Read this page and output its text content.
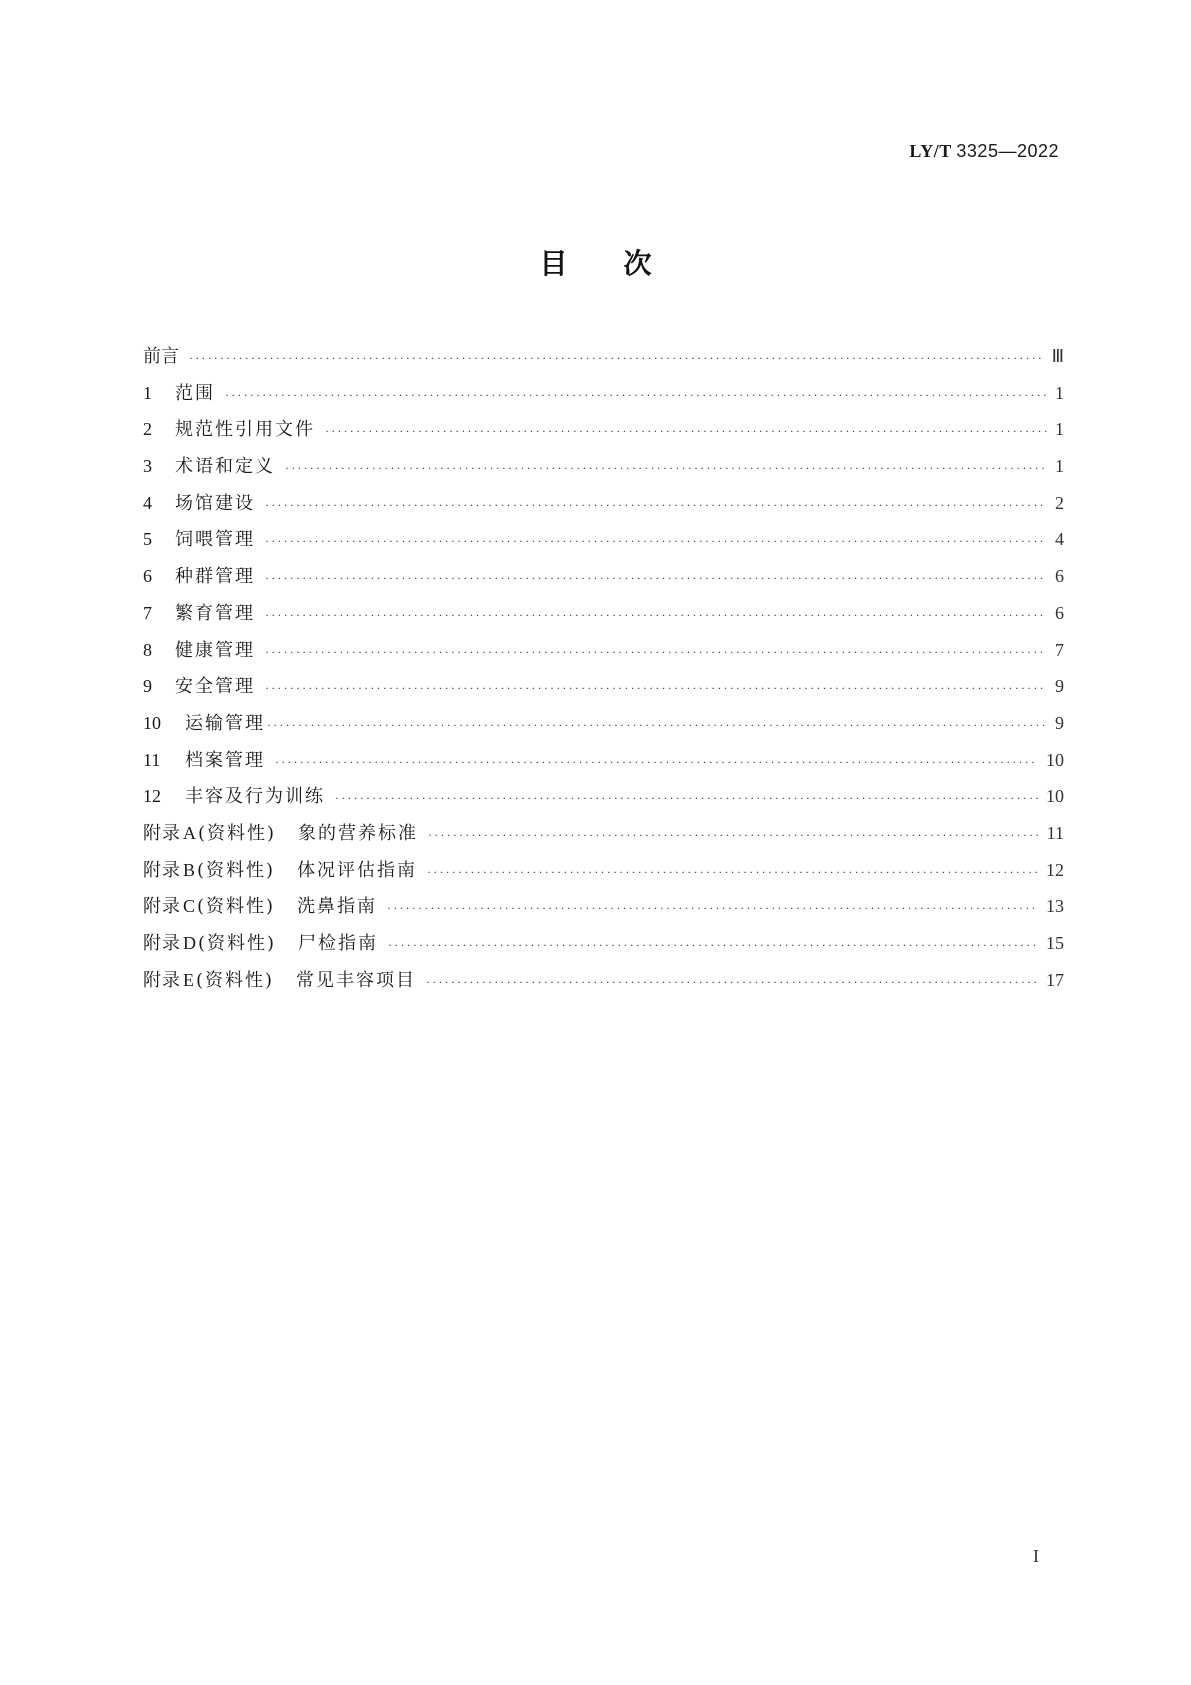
LY/T 3325—2022
目次
前言 ·····	Ⅲ
1	范围 ·····	1
2	规范性引用文件 ·····	1
3	术语和定义 ·····	1
4	场馆建设 ·····	2
5	饲喂管理 ·····	4
6	种群管理 ·····	6
7	繁育管理 ·····	6
8	健康管理 ·····	7
9	安全管理 ·····	9
10	运输管理 ·····	9
11	档案管理 ·····	10
12	丰容及行为训练 ·····	10
附录 A (资料性) 象的营养标准 ·····	11
附录 B (资料性) 体况评估指南 ·····	12
附录 C (资料性) 洗鼻指南 ·····	13
附录 D (资料性) 尸检指南 ·····	15
附录 E (资料性) 常见丰容项目 ·····	17
I
